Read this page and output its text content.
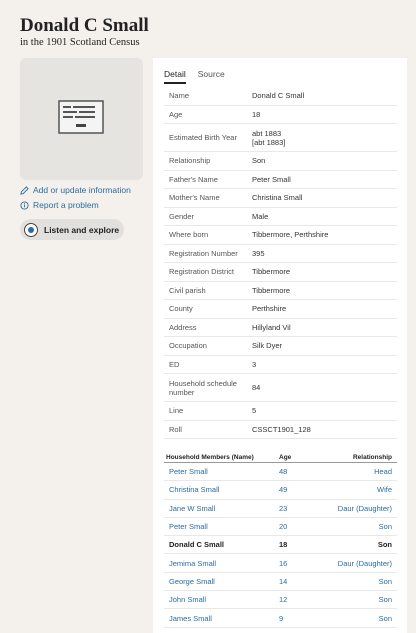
Donald C Small
in the 1901 Scotland Census
Add or update information
Report a problem
Listen and explore
Detail Source
Name	Donald C Small
Age	18
Estimated Birth Year	abt 1883
[abt 1883]
Relationship	Son
Father's Name	Peter Small
Mother's Name	Christina Small
Gender	Male
Where born	Tibbermore, Perthshire
Registration Number	395
Registration District	Tibbermore
Civil parish	Tibbermore
County	Perthshire
Address	Hillyland Vil
Occupation	Silk Dyer
ED	3
Household schedule number	84
Line	5
Roll	CSSCT1901_128
Household Members (Name)	Age	Relationship
Peter Small	48	Head
Christina Small	49	Wife
Jane W Small	23	Daur (Daughter)
Peter Small	20	Son
Donald C Small	18	Son
Jemima Small	16	Daur (Daughter)
George Small	14	Son
John Small	12	Son
James Small	9	Son
